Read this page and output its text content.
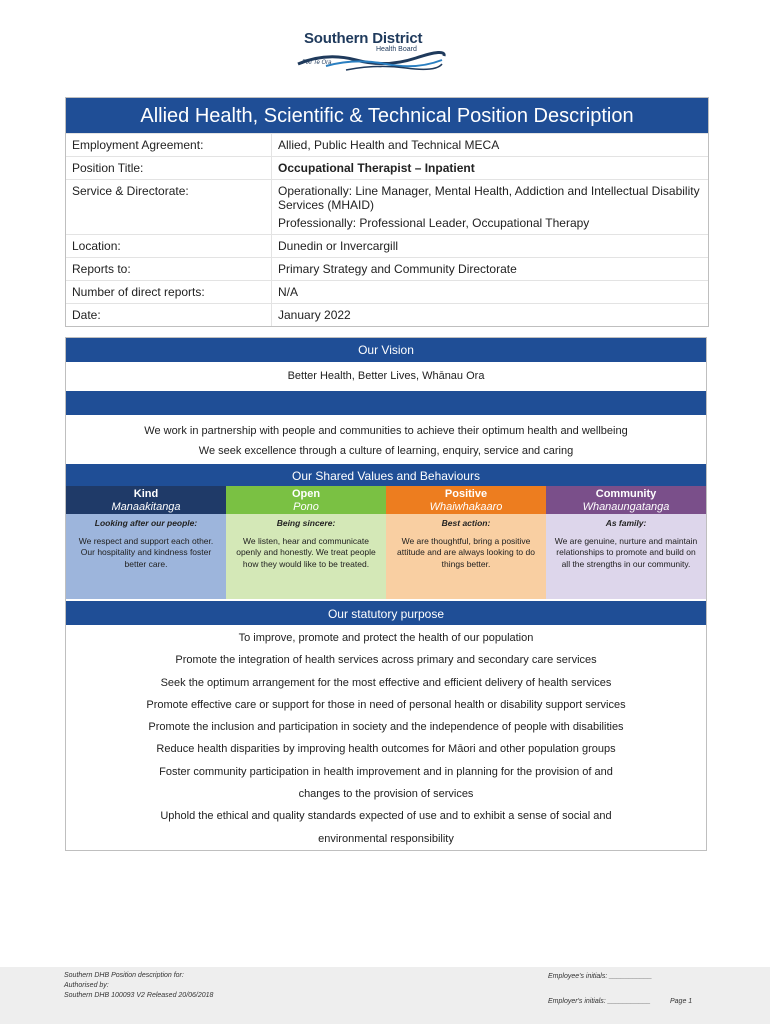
Southern District
Health Board
Piki Te Ora
Allied Health, Scientific & Technical Position Description
Employment Agreement:	Allied, Public Health and Technical MECA
Position Title:	Occupational Therapist – Inpatient
Service & Directorate:	Operationally: Line Manager, Mental Health, Addiction and Intellectual Disability Services (MHAID)
Professionally: Professional Leader, Occupational Therapy
Location:	Dunedin or Invercargill
Reports to:	Primary Strategy and Community Directorate
Number of direct reports:	N/A
Date:	January 2022
Our Vision
Better Health, Better Lives, Whānau Ora
We work in partnership with people and communities to achieve their optimum health and wellbeing
We seek excellence through a culture of learning, enquiry, service and caring
Our Shared Values and Behaviours
Kind
Manaakitanga
Looking after our people:
We respect and support each other. Our hospitality and kindness foster better care.
Open
Pono
Being sincere:
We listen, hear and communicate openly and honestly. We treat people how they would like to be treated.
Positive
Whaiwhakaaro
Best action:
We are thoughtful, bring a positive attitude and are always looking to do things better.
Community
Whanaungatanga
As family:
We are genuine, nurture and maintain relationships to promote and build on all the strengths in our community.
Our statutory purpose
To improve, promote and protect the health of our population
Promote the integration of health services across primary and secondary care services
Seek the optimum arrangement for the most effective and efficient delivery of health services
Promote effective care or support for those in need of personal health or disability support services
Promote the inclusion and participation in society and the independence of people with disabilities
Reduce health disparities by improving health outcomes for Māori and other population groups
Foster community participation in health improvement and in planning for the provision of and
changes to the provision of services
Uphold the ethical and quality standards expected of use and to exhibit a sense of social and
environmental responsibility
Southern DHB Position description for:
Authorised by:
Southern DHB 100093 V2 Released 20/06/2018
Employee's initials: ___________
Employer's initials: ___________	Page 1
